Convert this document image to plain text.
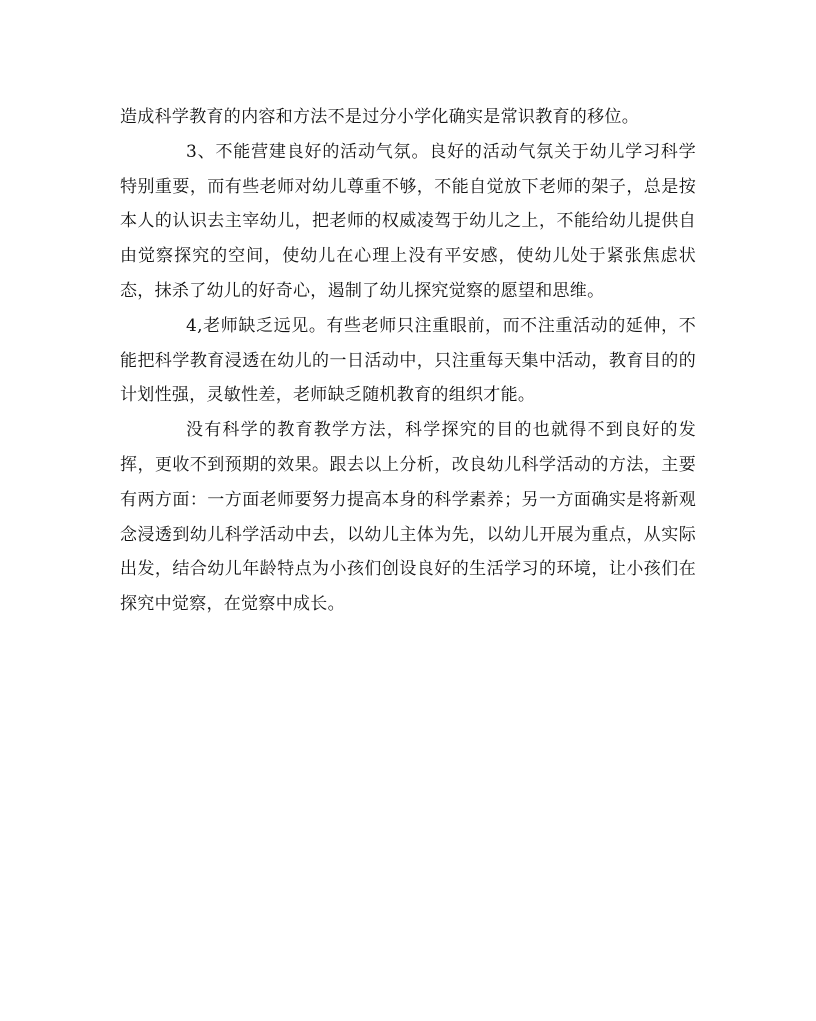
造成科学教育的内容和方法不是过分小学化确实是常识教育的移位。

3、不能营建良好的活动气氛。良好的活动气氛关于幼儿学习科学特别重要，而有些老师对幼儿尊重不够，不能自觉放下老师的架子，总是按本人的认识去主宰幼儿，把老师的权威凌驾于幼儿之上，不能给幼儿提供自由觉察探究的空间，使幼儿在心理上没有平安感，使幼儿处于紧张焦虑状态，抹杀了幼儿的好奇心，遏制了幼儿探究觉察的愿望和思维。

4,老师缺乏远见。有些老师只注重眼前，而不注重活动的延伸，不能把科学教育浸透在幼儿的一日活动中，只注重每天集中活动，教育目的的计划性强，灵敏性差，老师缺乏随机教育的组织才能。

没有科学的教育教学方法，科学探究的目的也就得不到良好的发挥，更收不到预期的效果。跟去以上分析，改良幼儿科学活动的方法，主要有两方面：一方面老师要努力提高本身的科学素养；另一方面确实是将新观念浸透到幼儿科学活动中去，以幼儿主体为先，以幼儿开展为重点，从实际出发，结合幼儿年龄特点为小孩们创设良好的生活学习的环境，让小孩们在探究中觉察，在觉察中成长。
